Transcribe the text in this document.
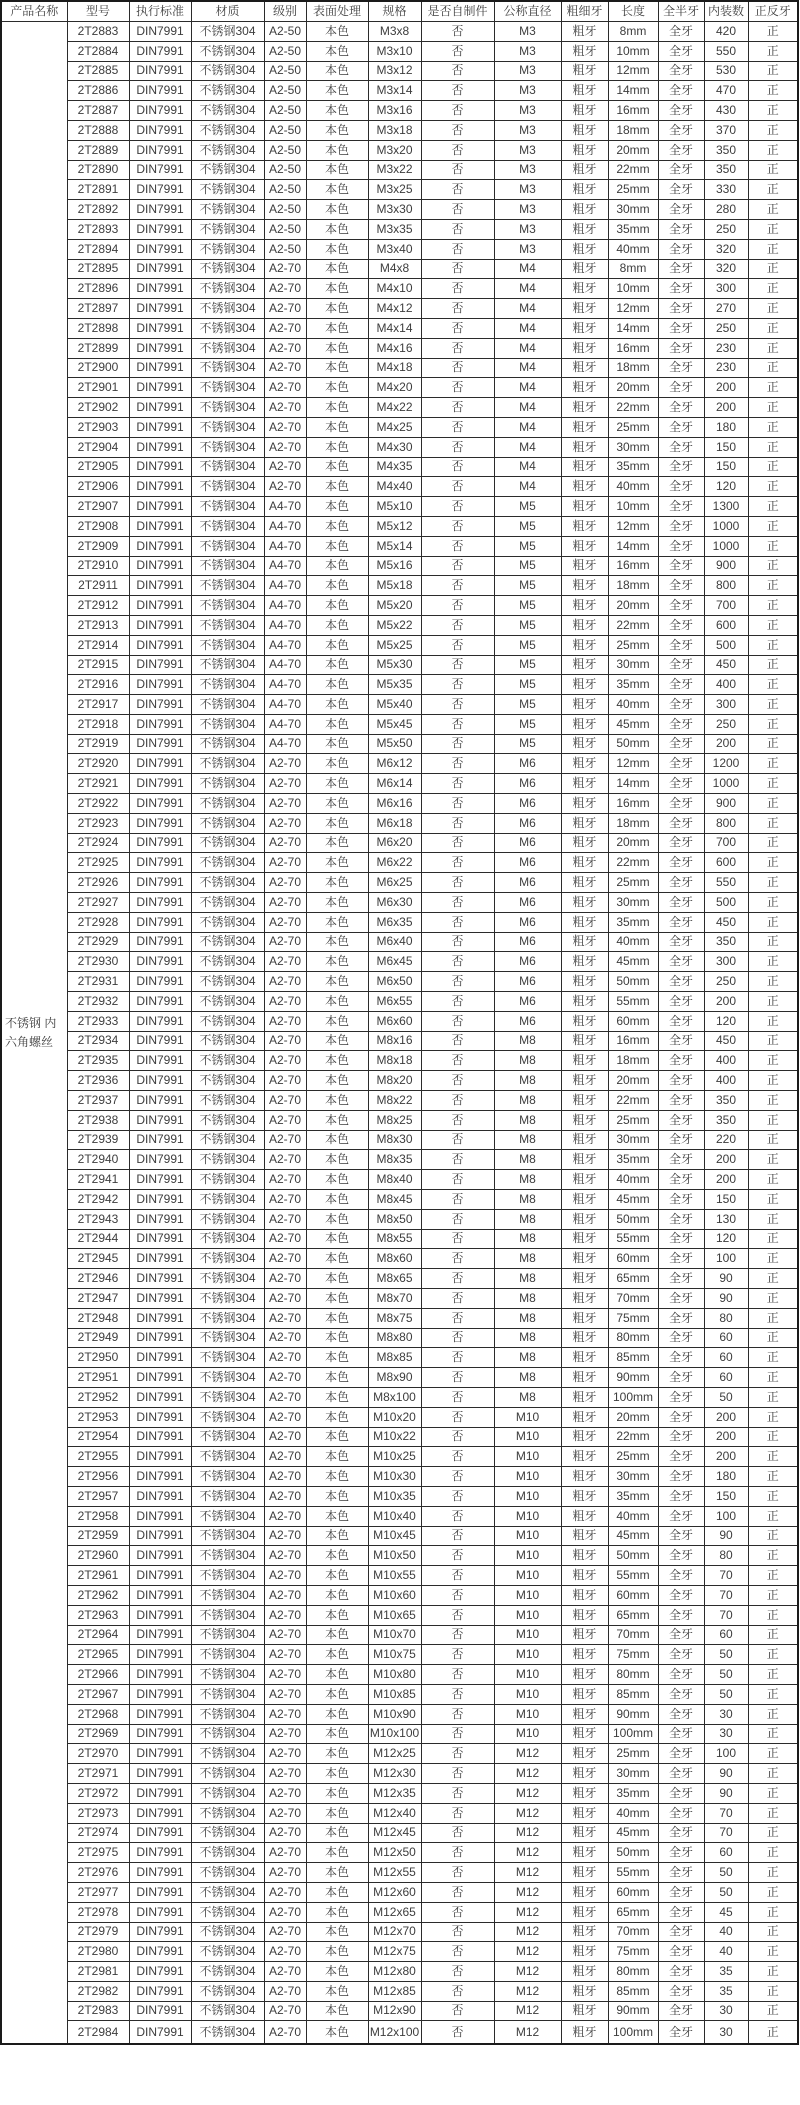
产品名称	型号	执行标准	材质	级别	表面处理	规格	是否自制件	公称直径	粗细牙	长度	全半牙	内装数	正反牙
不锈钢 内六角螺丝	2T2883	DIN7991	不锈钢304	A2-50	本色	M3x8	否	M3	粗牙	8mm	全牙	420	正
	2T2884	DIN7991	不锈钢304	A2-50	本色	M3x10	否	M3	粗牙	10mm	全牙	550	正
	2T2885	DIN7991	不锈钢304	A2-50	本色	M3x12	否	M3	粗牙	12mm	全牙	530	正
	2T2886	DIN7991	不锈钢304	A2-50	本色	M3x14	否	M3	粗牙	14mm	全牙	470	正
	2T2887	DIN7991	不锈钢304	A2-50	本色	M3x16	否	M3	粗牙	16mm	全牙	430	正
	2T2888	DIN7991	不锈钢304	A2-50	本色	M3x18	否	M3	粗牙	18mm	全牙	370	正
	2T2889	DIN7991	不锈钢304	A2-50	本色	M3x20	否	M3	粗牙	20mm	全牙	350	正
	2T2890	DIN7991	不锈钢304	A2-50	本色	M3x22	否	M3	粗牙	22mm	全牙	350	正
	2T2891	DIN7991	不锈钢304	A2-50	本色	M3x25	否	M3	粗牙	25mm	全牙	330	正
	2T2892	DIN7991	不锈钢304	A2-50	本色	M3x30	否	M3	粗牙	30mm	全牙	280	正
	2T2893	DIN7991	不锈钢304	A2-50	本色	M3x35	否	M3	粗牙	35mm	全牙	250	正
	2T2894	DIN7991	不锈钢304	A2-50	本色	M3x40	否	M3	粗牙	40mm	全牙	320	正
	2T2895	DIN7991	不锈钢304	A2-70	本色	M4x8	否	M4	粗牙	8mm	全牙	320	正
	2T2896	DIN7991	不锈钢304	A2-70	本色	M4x10	否	M4	粗牙	10mm	全牙	300	正
	2T2897	DIN7991	不锈钢304	A2-70	本色	M4x12	否	M4	粗牙	12mm	全牙	270	正
	2T2898	DIN7991	不锈钢304	A2-70	本色	M4x14	否	M4	粗牙	14mm	全牙	250	正
	2T2899	DIN7991	不锈钢304	A2-70	本色	M4x16	否	M4	粗牙	16mm	全牙	230	正
	2T2900	DIN7991	不锈钢304	A2-70	本色	M4x18	否	M4	粗牙	18mm	全牙	230	正
	2T2901	DIN7991	不锈钢304	A2-70	本色	M4x20	否	M4	粗牙	20mm	全牙	200	正
	2T2902	DIN7991	不锈钢304	A2-70	本色	M4x22	否	M4	粗牙	22mm	全牙	200	正
	2T2903	DIN7991	不锈钢304	A2-70	本色	M4x25	否	M4	粗牙	25mm	全牙	180	正
	2T2904	DIN7991	不锈钢304	A2-70	本色	M4x30	否	M4	粗牙	30mm	全牙	150	正
	2T2905	DIN7991	不锈钢304	A2-70	本色	M4x35	否	M4	粗牙	35mm	全牙	150	正
	2T2906	DIN7991	不锈钢304	A2-70	本色	M4x40	否	M4	粗牙	40mm	全牙	120	正
	2T2907	DIN7991	不锈钢304	A4-70	本色	M5x10	否	M5	粗牙	10mm	全牙	1300	正
	2T2908	DIN7991	不锈钢304	A4-70	本色	M5x12	否	M5	粗牙	12mm	全牙	1000	正
	2T2909	DIN7991	不锈钢304	A4-70	本色	M5x14	否	M5	粗牙	14mm	全牙	1000	正
	2T2910	DIN7991	不锈钢304	A4-70	本色	M5x16	否	M5	粗牙	16mm	全牙	900	正
	2T2911	DIN7991	不锈钢304	A4-70	本色	M5x18	否	M5	粗牙	18mm	全牙	800	正
	2T2912	DIN7991	不锈钢304	A4-70	本色	M5x20	否	M5	粗牙	20mm	全牙	700	正
	2T2913	DIN7991	不锈钢304	A4-70	本色	M5x22	否	M5	粗牙	22mm	全牙	600	正
	2T2914	DIN7991	不锈钢304	A4-70	本色	M5x25	否	M5	粗牙	25mm	全牙	500	正
	2T2915	DIN7991	不锈钢304	A4-70	本色	M5x30	否	M5	粗牙	30mm	全牙	450	正
	2T2916	DIN7991	不锈钢304	A4-70	本色	M5x35	否	M5	粗牙	35mm	全牙	400	正
	2T2917	DIN7991	不锈钢304	A4-70	本色	M5x40	否	M5	粗牙	40mm	全牙	300	正
	2T2918	DIN7991	不锈钢304	A4-70	本色	M5x45	否	M5	粗牙	45mm	全牙	250	正
	2T2919	DIN7991	不锈钢304	A4-70	本色	M5x50	否	M5	粗牙	50mm	全牙	200	正
	2T2920	DIN7991	不锈钢304	A2-70	本色	M6x12	否	M6	粗牙	12mm	全牙	1200	正
	2T2921	DIN7991	不锈钢304	A2-70	本色	M6x14	否	M6	粗牙	14mm	全牙	1000	正
	2T2922	DIN7991	不锈钢304	A2-70	本色	M6x16	否	M6	粗牙	16mm	全牙	900	正
	2T2923	DIN7991	不锈钢304	A2-70	本色	M6x18	否	M6	粗牙	18mm	全牙	800	正
	2T2924	DIN7991	不锈钢304	A2-70	本色	M6x20	否	M6	粗牙	20mm	全牙	700	正
	2T2925	DIN7991	不锈钢304	A2-70	本色	M6x22	否	M6	粗牙	22mm	全牙	600	正
	2T2926	DIN7991	不锈钢304	A2-70	本色	M6x25	否	M6	粗牙	25mm	全牙	550	正
	2T2927	DIN7991	不锈钢304	A2-70	本色	M6x30	否	M6	粗牙	30mm	全牙	500	正
	2T2928	DIN7991	不锈钢304	A2-70	本色	M6x35	否	M6	粗牙	35mm	全牙	450	正
	2T2929	DIN7991	不锈钢304	A2-70	本色	M6x40	否	M6	粗牙	40mm	全牙	350	正
	2T2930	DIN7991	不锈钢304	A2-70	本色	M6x45	否	M6	粗牙	45mm	全牙	300	正
	2T2931	DIN7991	不锈钢304	A2-70	本色	M6x50	否	M6	粗牙	50mm	全牙	250	正
	2T2932	DIN7991	不锈钢304	A2-70	本色	M6x55	否	M6	粗牙	55mm	全牙	200	正
	2T2933	DIN7991	不锈钢304	A2-70	本色	M6x60	否	M6	粗牙	60mm	全牙	120	正
	2T2934	DIN7991	不锈钢304	A2-70	本色	M8x16	否	M8	粗牙	16mm	全牙	450	正
	2T2935	DIN7991	不锈钢304	A2-70	本色	M8x18	否	M8	粗牙	18mm	全牙	400	正
	2T2936	DIN7991	不锈钢304	A2-70	本色	M8x20	否	M8	粗牙	20mm	全牙	400	正
	2T2937	DIN7991	不锈钢304	A2-70	本色	M8x22	否	M8	粗牙	22mm	全牙	350	正
	2T2938	DIN7991	不锈钢304	A2-70	本色	M8x25	否	M8	粗牙	25mm	全牙	350	正
	2T2939	DIN7991	不锈钢304	A2-70	本色	M8x30	否	M8	粗牙	30mm	全牙	220	正
	2T2940	DIN7991	不锈钢304	A2-70	本色	M8x35	否	M8	粗牙	35mm	全牙	200	正
	2T2941	DIN7991	不锈钢304	A2-70	本色	M8x40	否	M8	粗牙	40mm	全牙	200	正
	2T2942	DIN7991	不锈钢304	A2-70	本色	M8x45	否	M8	粗牙	45mm	全牙	150	正
	2T2943	DIN7991	不锈钢304	A2-70	本色	M8x50	否	M8	粗牙	50mm	全牙	130	正
	2T2944	DIN7991	不锈钢304	A2-70	本色	M8x55	否	M8	粗牙	55mm	全牙	120	正
	2T2945	DIN7991	不锈钢304	A2-70	本色	M8x60	否	M8	粗牙	60mm	全牙	100	正
	2T2946	DIN7991	不锈钢304	A2-70	本色	M8x65	否	M8	粗牙	65mm	全牙	90	正
	2T2947	DIN7991	不锈钢304	A2-70	本色	M8x70	否	M8	粗牙	70mm	全牙	90	正
	2T2948	DIN7991	不锈钢304	A2-70	本色	M8x75	否	M8	粗牙	75mm	全牙	80	正
	2T2949	DIN7991	不锈钢304	A2-70	本色	M8x80	否	M8	粗牙	80mm	全牙	60	正
	2T2950	DIN7991	不锈钢304	A2-70	本色	M8x85	否	M8	粗牙	85mm	全牙	60	正
	2T2951	DIN7991	不锈钢304	A2-70	本色	M8x90	否	M8	粗牙	90mm	全牙	60	正
	2T2952	DIN7991	不锈钢304	A2-70	本色	M8x100	否	M8	粗牙	100mm	全牙	50	正
	2T2953	DIN7991	不锈钢304	A2-70	本色	M10x20	否	M10	粗牙	20mm	全牙	200	正
	2T2954	DIN7991	不锈钢304	A2-70	本色	M10x22	否	M10	粗牙	22mm	全牙	200	正
	2T2955	DIN7991	不锈钢304	A2-70	本色	M10x25	否	M10	粗牙	25mm	全牙	200	正
	2T2956	DIN7991	不锈钢304	A2-70	本色	M10x30	否	M10	粗牙	30mm	全牙	180	正
	2T2957	DIN7991	不锈钢304	A2-70	本色	M10x35	否	M10	粗牙	35mm	全牙	150	正
	2T2958	DIN7991	不锈钢304	A2-70	本色	M10x40	否	M10	粗牙	40mm	全牙	100	正
	2T2959	DIN7991	不锈钢304	A2-70	本色	M10x45	否	M10	粗牙	45mm	全牙	90	正
	2T2960	DIN7991	不锈钢304	A2-70	本色	M10x50	否	M10	粗牙	50mm	全牙	80	正
	2T2961	DIN7991	不锈钢304	A2-70	本色	M10x55	否	M10	粗牙	55mm	全牙	70	正
	2T2962	DIN7991	不锈钢304	A2-70	本色	M10x60	否	M10	粗牙	60mm	全牙	70	正
	2T2963	DIN7991	不锈钢304	A2-70	本色	M10x65	否	M10	粗牙	65mm	全牙	70	正
	2T2964	DIN7991	不锈钢304	A2-70	本色	M10x70	否	M10	粗牙	70mm	全牙	60	正
	2T2965	DIN7991	不锈钢304	A2-70	本色	M10x75	否	M10	粗牙	75mm	全牙	50	正
	2T2966	DIN7991	不锈钢304	A2-70	本色	M10x80	否	M10	粗牙	80mm	全牙	50	正
	2T2967	DIN7991	不锈钢304	A2-70	本色	M10x85	否	M10	粗牙	85mm	全牙	50	正
	2T2968	DIN7991	不锈钢304	A2-70	本色	M10x90	否	M10	粗牙	90mm	全牙	30	正
	2T2969	DIN7991	不锈钢304	A2-70	本色	M10x100	否	M10	粗牙	100mm	全牙	30	正
	2T2970	DIN7991	不锈钢304	A2-70	本色	M12x25	否	M12	粗牙	25mm	全牙	100	正
	2T2971	DIN7991	不锈钢304	A2-70	本色	M12x30	否	M12	粗牙	30mm	全牙	90	正
	2T2972	DIN7991	不锈钢304	A2-70	本色	M12x35	否	M12	粗牙	35mm	全牙	90	正
	2T2973	DIN7991	不锈钢304	A2-70	本色	M12x40	否	M12	粗牙	40mm	全牙	70	正
	2T2974	DIN7991	不锈钢304	A2-70	本色	M12x45	否	M12	粗牙	45mm	全牙	70	正
	2T2975	DIN7991	不锈钢304	A2-70	本色	M12x50	否	M12	粗牙	50mm	全牙	60	正
	2T2976	DIN7991	不锈钢304	A2-70	本色	M12x55	否	M12	粗牙	55mm	全牙	50	正
	2T2977	DIN7991	不锈钢304	A2-70	本色	M12x60	否	M12	粗牙	60mm	全牙	50	正
	2T2978	DIN7991	不锈钢304	A2-70	本色	M12x65	否	M12	粗牙	65mm	全牙	45	正
	2T2979	DIN7991	不锈钢304	A2-70	本色	M12x70	否	M12	粗牙	70mm	全牙	40	正
	2T2980	DIN7991	不锈钢304	A2-70	本色	M12x75	否	M12	粗牙	75mm	全牙	40	正
	2T2981	DIN7991	不锈钢304	A2-70	本色	M12x80	否	M12	粗牙	80mm	全牙	35	正
	2T2982	DIN7991	不锈钢304	A2-70	本色	M12x85	否	M12	粗牙	85mm	全牙	35	正
	2T2983	DIN7991	不锈钢304	A2-70	本色	M12x90	否	M12	粗牙	90mm	全牙	30	正
	2T2984	DIN7991	不锈钢304	A2-70	本色	M12x100	否	M12	粗牙	100mm	全牙	30	正
